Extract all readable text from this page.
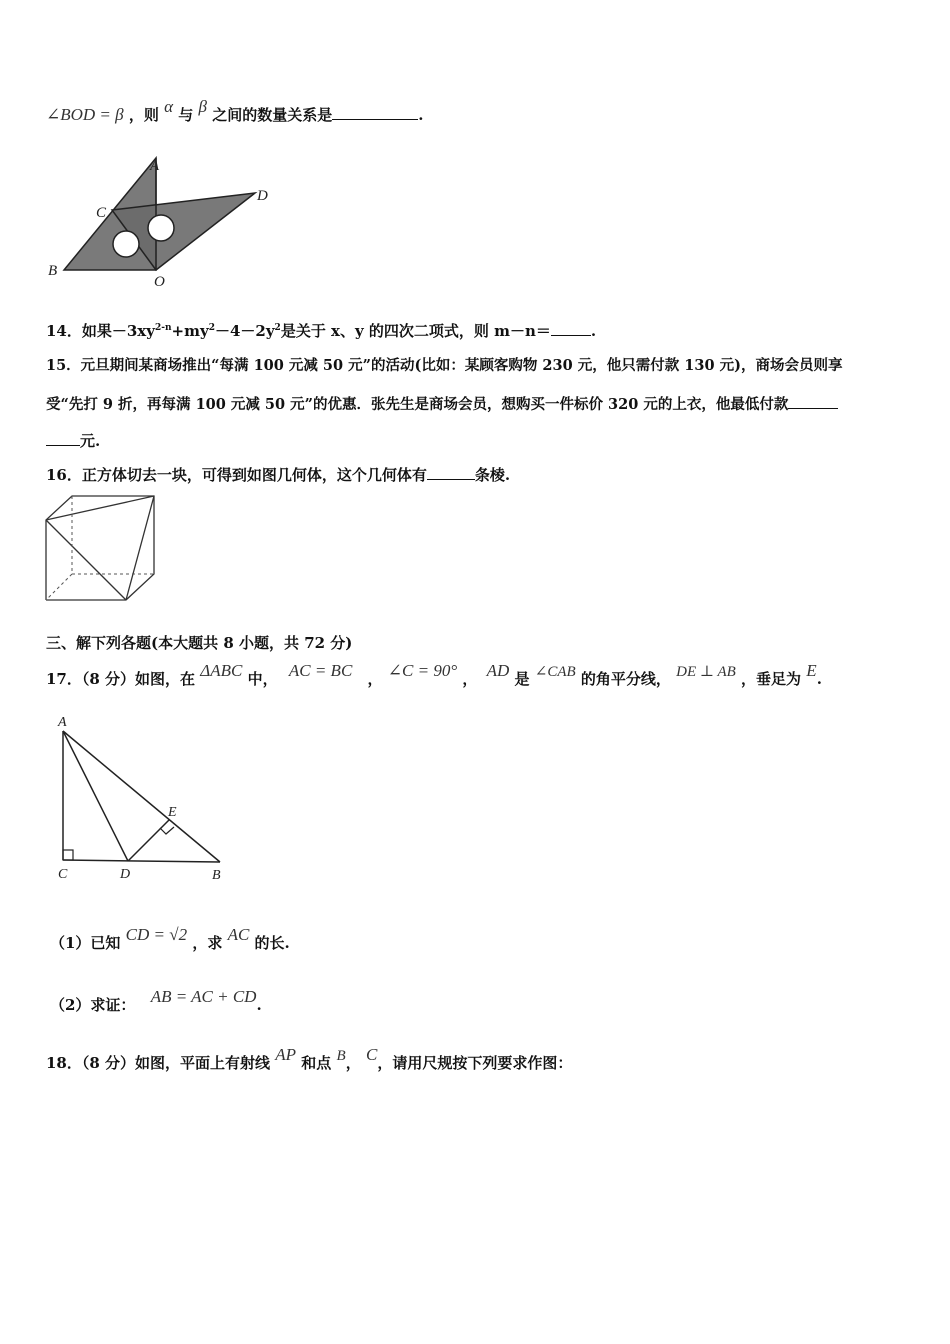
∠BOD = β ，则 α 与 β 之间的数量关系是	.
A
B
C
D
O
14．如果$-3xy^{2-n}+my^2-4-2y^2$是关于 x、y 的四次二项式，则 m－n＝	.
15．元旦期间某商场推出“每满 100 元减 50 元”的活动(比如：某顾客购物 230 元，他只需付款 130 元)，商场会员则享
受“先打 9 折，再每满 100 元减 50 元”的优惠．张先生是商场会员，想购买一件标价 320 元的上衣，他最低付款
元.
16．正方体切去一块，可得到如图几何体，这个几何体有	条棱.
三、解下列各题(本大题共 8 小题，共 72 分)
17．（8 分）如图，在 ΔABC 中， AC = BC ， ∠C = 90° ， AD 是 ∠CAB 的角平分线， DE ⊥ AB ，垂足为 E.
A
B
C	D
E
（1）已知 CD = √2 ，求 AC 的长.
（2）求证： AB = AC + CD.
18．（8 分）如图，平面上有射线 AP 和点 B， C，请用尺规按下列要求作图：
